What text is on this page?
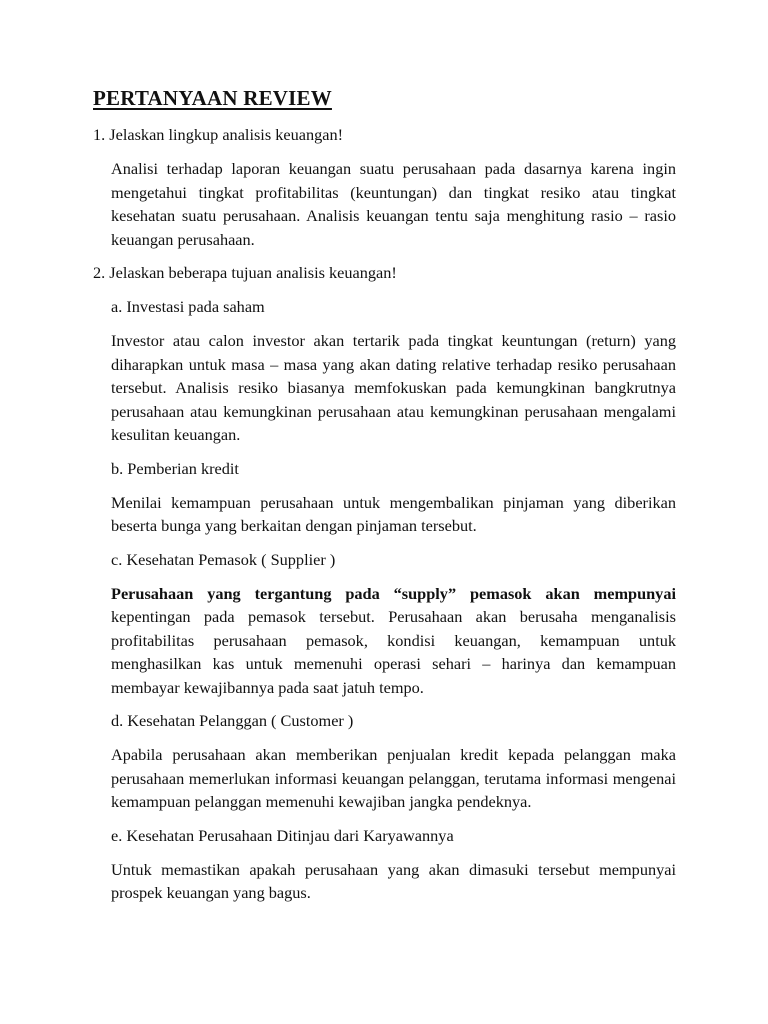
PERTANYAAN REVIEW

1. Jelaskan lingkup analisis keuangan!

Analisi terhadap laporan keuangan suatu perusahaan pada dasarnya karena ingin mengetahui tingkat profitabilitas (keuntungan) dan tingkat resiko atau tingkat kesehatan suatu perusahaan. Analisis keuangan tentu saja menghitung rasio – rasio keuangan perusahaan.

2. Jelaskan beberapa tujuan analisis keuangan!

a. Investasi pada saham

Investor atau calon investor akan tertarik pada tingkat keuntungan (return) yang diharapkan untuk masa – masa yang akan dating relative terhadap resiko perusahaan tersebut. Analisis resiko biasanya memfokuskan pada kemungkinan bangkrutnya perusahaan atau kemungkinan perusahaan atau kemungkinan perusahaan mengalami kesulitan keuangan.

b. Pemberian kredit

Menilai kemampuan perusahaan untuk mengembalikan pinjaman yang diberikan beserta bunga yang berkaitan dengan pinjaman tersebut.

c. Kesehatan Pemasok ( Supplier )

Perusahaan yang tergantung pada “supply” pemasok akan mempunyai
kepentingan pada pemasok tersebut. Perusahaan akan berusaha menganalisis profitabilitas perusahaan pemasok, kondisi keuangan, kemampuan untuk menghasilkan kas untuk memenuhi operasi sehari – harinya dan kemampuan membayar kewajibannya pada saat jatuh tempo.

d. Kesehatan Pelanggan ( Customer )

Apabila perusahaan akan memberikan penjualan kredit kepada pelanggan maka perusahaan memerlukan informasi keuangan pelanggan, terutama informasi mengenai kemampuan pelanggan memenuhi kewajiban jangka pendeknya.

e. Kesehatan Perusahaan Ditinjau dari Karyawannya

Untuk memastikan apakah perusahaan yang akan dimasuki tersebut mempunyai prospek keuangan yang bagus.
